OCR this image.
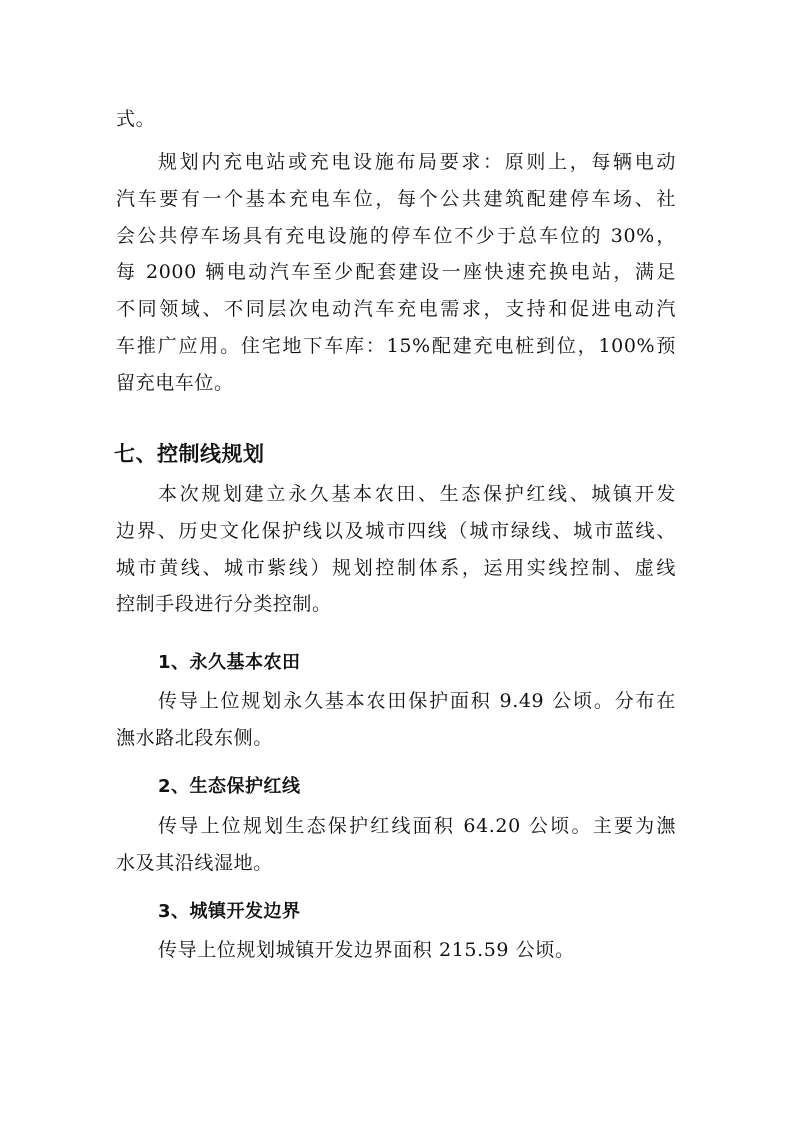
式。

规划内充电站或充电设施布局要求：原则上，每辆电动
汽车要有一个基本充电车位，每个公共建筑配建停车场、社
会公共停车场具有充电设施的停车位不少于总车位的 30%，
每 2000 辆电动汽车至少配套建设一座快速充换电站，满足
不同领域、不同层次电动汽车充电需求，支持和促进电动汽
车推广应用。住宅地下车库：15%配建充电桩到位，100%预
留充电车位。

七、控制线规划

本次规划建立永久基本农田、生态保护红线、城镇开发
边界、历史文化保护线以及城市四线（城市绿线、城市蓝线、
城市黄线、城市紫线）规划控制体系，运用实线控制、虚线
控制手段进行分类控制。

1、永久基本农田

传导上位规划永久基本农田保护面积 9.49 公顷。分布在
潕水路北段东侧。

2、生态保护红线

传导上位规划生态保护红线面积 64.20 公顷。主要为潕
水及其沿线湿地。

3、城镇开发边界

传导上位规划城镇开发边界面积 215.59 公顷。
